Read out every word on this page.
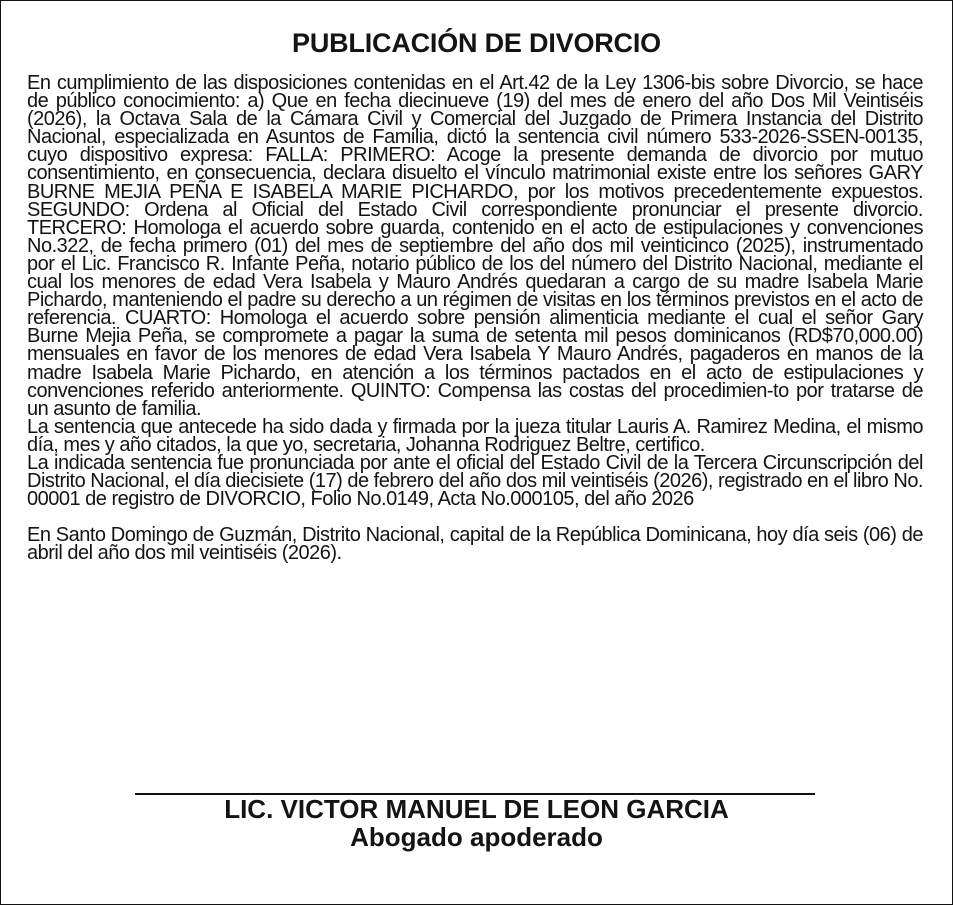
PUBLICACIÓN DE DIVORCIO

En cumplimiento de las disposiciones contenidas en el Art.42 de la Ley 1306-bis sobre Divorcio, se hace de público conocimiento: a) Que en fecha diecinueve (19) del mes de enero del año Dos Mil Veintiséis (2026), la Octava Sala de la Cámara Civil y Comercial del Juzgado de Primera Instancia del Distrito Nacional, especializada en Asuntos de Familia, dictó la sentencia civil número 533-2026-SSEN-00135, cuyo dispositivo expresa: FALLA: PRIMERO: Acoge la presente demanda de divorcio por mutuo consentimiento, en consecuencia, declara disuelto el vínculo matrimonial existe entre los señores GARY BURNE MEJIA PEÑA E ISABELA MARIE PICHARDO, por los motivos precedentemente expuestos. SEGUNDO: Ordena al Oficial del Estado Civil correspondiente pronunciar el presente divorcio. TERCERO: Homologa el acuerdo sobre guarda, contenido en el acto de estipulaciones y convenciones No.322, de fecha primero (01) del mes de septiembre del año dos mil veinticinco (2025), instrumentado por el Lic. Francisco R. Infante Peña, notario público de los del número del Distrito Nacional, mediante el cual los menores de edad Vera Isabela y Mauro Andrés quedaran a cargo de su madre Isabela Marie Pichardo, manteniendo el padre su derecho a un régimen de visitas en los términos previstos en el acto de referencia. CUARTO: Homologa el acuerdo sobre pensión alimenticia mediante el cual el señor Gary Burne Mejia Peña, se compromete a pagar la suma de setenta mil pesos dominicanos (RD$70,000.00) mensuales en favor de los menores de edad Vera Isabela Y Mauro Andrés, pagaderos en manos de la madre Isabela Marie Pichardo, en atención a los términos pactados en el acto de estipulaciones y convenciones referido anteriormente. QUINTO: Compensa las costas del procedimien-to por tratarse de un asunto de familia.

La sentencia que antecede ha sido dada y firmada por la jueza titular Lauris A. Ramirez Medina, el mismo día, mes y año citados, la que yo, secretaria, Johanna Rodriguez Beltre, certifico.

La indicada sentencia fue pronunciada por ante el oficial del Estado Civil de la Tercera Circunscripción del Distrito Nacional, el día diecisiete (17) de febrero del año dos mil veintiséis (2026), registrado en el libro No. 00001 de registro de DIVORCIO, Folio No.0149, Acta No.000105, del año 2026

En Santo Domingo de Guzmán, Distrito Nacional, capital de la República Dominicana, hoy día seis (06) de abril del año dos mil veintiséis (2026).

LIC. VICTOR MANUEL DE LEON GARCIA
Abogado apoderado
